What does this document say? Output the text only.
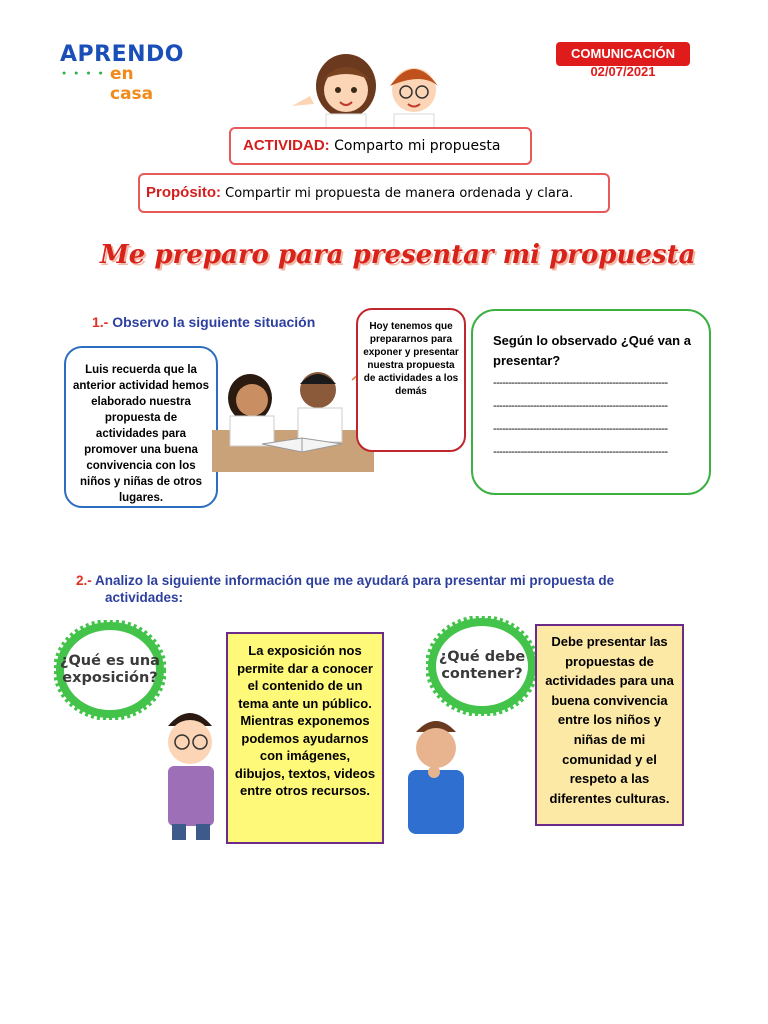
APRENDO
● ● ● ● en casa
COMUNICACIÓN
02/07/2021
ACTIVIDAD: Comparto mi propuesta
Propósito: Compartir mi propuesta de manera ordenada y clara.
Me preparo para presentar mi propuesta
1.- Observo la siguiente situación
Luis recuerda que la anterior actividad hemos elaborado nuestra propuesta de actividades para promover una buena convivencia con los niños y niñas de otros lugares.
Hoy tenemos que prepararnos para exponer y presentar nuestra propuesta de actividades a los demás
Según lo observado ¿Qué van a presentar?
---------------------------------------------------------
---------------------------------------------------------
---------------------------------------------------------
---------------------------------------------------------
2.- Analizo la siguiente información que me ayudará para presentar mi propuesta de
actividades:
¿Qué es una exposición?
¿Qué debe contener?
La exposición nos permite dar a conocer el contenido de un tema ante un público. Mientras exponemos podemos ayudarnos con imágenes, dibujos, textos, videos entre otros recursos.
Debe presentar las propuestas de actividades para una buena convivencia entre los niños y niñas de mi comunidad y el respeto a las diferentes culturas.
